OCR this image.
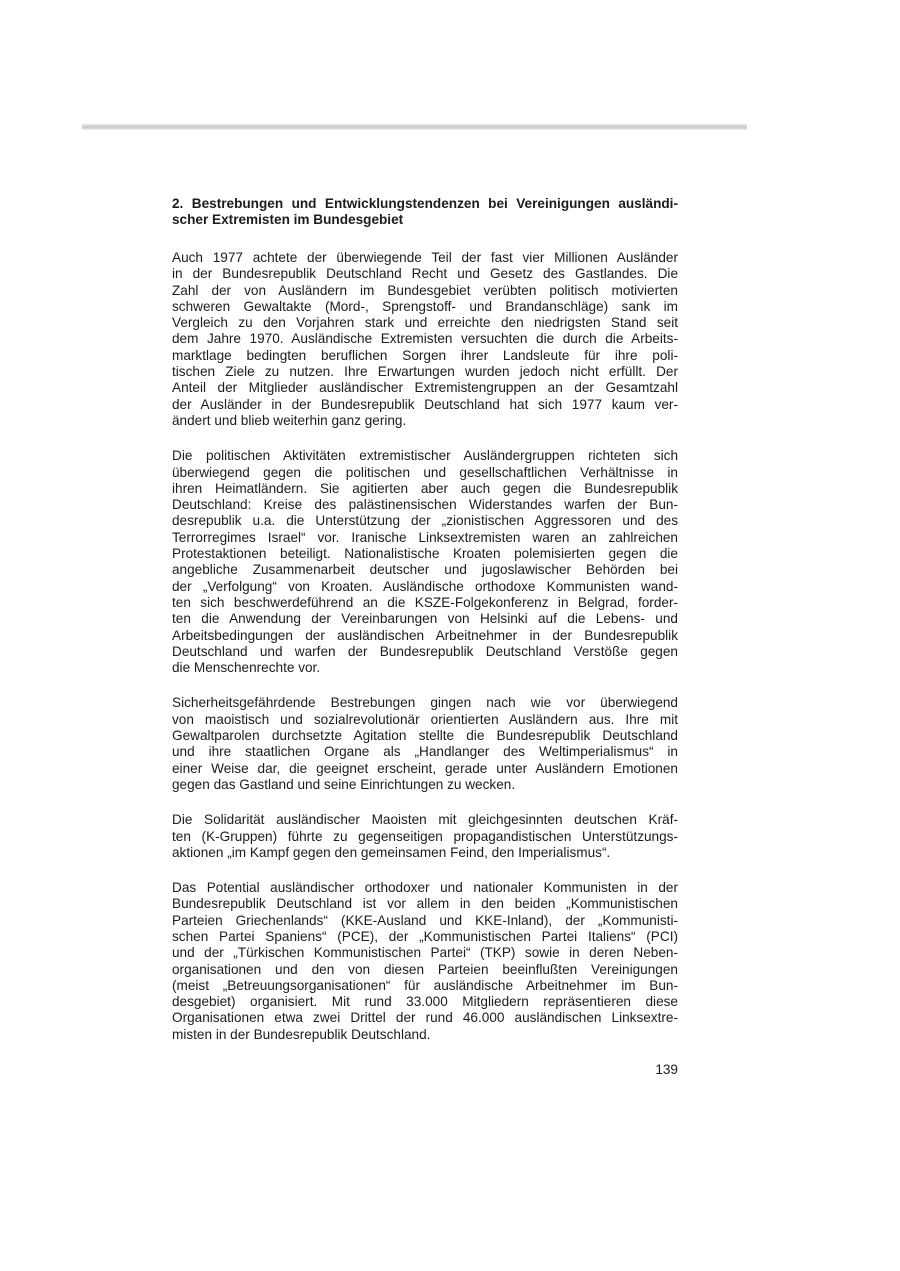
2. Bestrebungen und Entwicklungstendenzen bei Vereinigungen ausländi-
scher Extremisten im Bundesgebiet
Auch 1977 achtete der überwiegende Teil der fast vier Millionen Ausländer
in der Bundesrepublik Deutschland Recht und Gesetz des Gastlandes. Die
Zahl der von Ausländern im Bundesgebiet verübten politisch motivierten
schweren Gewaltakte (Mord-, Sprengstoff- und Brandanschläge) sank im
Vergleich zu den Vorjahren stark und erreichte den niedrigsten Stand seit
dem Jahre 1970. Ausländische Extremisten versuchten die durch die Arbeits-
marktlage bedingten beruflichen Sorgen ihrer Landsleute für ihre poli-
tischen Ziele zu nutzen. Ihre Erwartungen wurden jedoch nicht erfüllt. Der
Anteil der Mitglieder ausländischer Extremistengruppen an der Gesamtzahl
der Ausländer in der Bundesrepublik Deutschland hat sich 1977 kaum ver-
ändert und blieb weiterhin ganz gering.
Die politischen Aktivitäten extremistischer Ausländergruppen richteten sich
überwiegend gegen die politischen und gesellschaftlichen Verhältnisse in
ihren Heimatländern. Sie agitierten aber auch gegen die Bundesrepublik
Deutschland: Kreise des palästinensischen Widerstandes warfen der Bun-
desrepublik u.a. die Unterstützung der „zionistischen Aggressoren und des
Terrorregimes Israel“ vor. Iranische Linksextremisten waren an zahlreichen
Protestaktionen beteiligt. Nationalistische Kroaten polemisierten gegen die
angebliche Zusammenarbeit deutscher und jugoslawischer Behörden bei
der „Verfolgung“ von Kroaten. Ausländische orthodoxe Kommunisten wand-
ten sich beschwerdeführend an die KSZE-Folgekonferenz in Belgrad, forder-
ten die Anwendung der Vereinbarungen von Helsinki auf die Lebens- und
Arbeitsbedingungen der ausländischen Arbeitnehmer in der Bundesrepublik
Deutschland und warfen der Bundesrepublik Deutschland Verstöße gegen
die Menschenrechte vor.
Sicherheitsgefährdende Bestrebungen gingen nach wie vor überwiegend
von maoistisch und sozialrevolutionär orientierten Ausländern aus. Ihre mit
Gewaltparolen durchsetzte Agitation stellte die Bundesrepublik Deutschland
und ihre staatlichen Organe als „Handlanger des Weltimperialismus“ in
einer Weise dar, die geeignet erscheint, gerade unter Ausländern Emotionen
gegen das Gastland und seine Einrichtungen zu wecken.
Die Solidarität ausländischer Maoisten mit gleichgesinnten deutschen Kräf-
ten (K-Gruppen) führte zu gegenseitigen propagandistischen Unterstützungs-
aktionen „im Kampf gegen den gemeinsamen Feind, den Imperialismus“.
Das Potential ausländischer orthodoxer und nationaler Kommunisten in der
Bundesrepublik Deutschland ist vor allem in den beiden „Kommunistischen
Parteien Griechenlands“ (KKE-Ausland und KKE-Inland), der „Kommunisti-
schen Partei Spaniens“ (PCE), der „Kommunistischen Partei Italiens“ (PCI)
und der „Türkischen Kommunistischen Partei“ (TKP) sowie in deren Neben-
organisationen und den von diesen Parteien beeinflußten Vereinigungen
(meist „Betreuungsorganisationen“ für ausländische Arbeitnehmer im Bun-
desgebiet) organisiert. Mit rund 33.000 Mitgliedern repräsentieren diese
Organisationen etwa zwei Drittel der rund 46.000 ausländischen Linksextre-
misten in der Bundesrepublik Deutschland.
139
